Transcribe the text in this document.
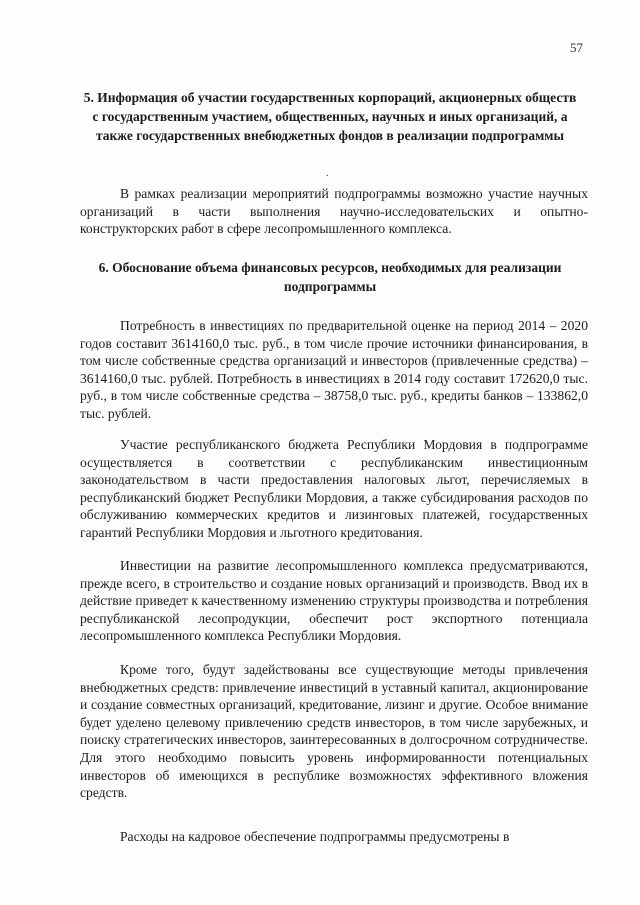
57
5. Информация об участии государственных корпораций, акционерных обществ с государственным участием, общественных, научных и иных организаций, а также государственных внебюджетных фондов в реализации подпрограммы
.

В рамках реализации мероприятий подпрограммы возможно участие научных организаций в части выполнения научно-исследовательских и опытно-конструкторских работ в сфере лесопромышленного комплекса.

6. Обоснование объема финансовых ресурсов, необходимых для реализации подпрограммы

Потребность в инвестициях по предварительной оценке на период 2014 – 2020 годов составит 3614160,0 тыс. руб., в том числе прочие источники финансирования, в том числе собственные средства организаций и инвесторов (привлеченные средства) – 3614160,0 тыс. рублей. Потребность в инвестициях в 2014 году составит 172620,0 тыс. руб., в том числе собственные средства – 38758,0 тыс. руб., кредиты банков – 133862,0 тыс. рублей.

Участие республиканского бюджета Республики Мордовия в подпрограмме осуществляется в соответствии с республиканским инвестиционным законодательством в части предоставления налоговых льгот, перечисляемых в республиканский бюджет Республики Мордовия, а также субсидирования расходов по обслуживанию коммерческих кредитов и лизинговых платежей, государственных гарантий Республики Мордовия и льготного кредитования.

Инвестиции на развитие лесопромышленного комплекса предусматриваются, прежде всего, в строительство и создание новых организаций и производств. Ввод их в действие приведет к качественному изменению структуры производства и потребления республиканской лесопродукции, обеспечит рост экспортного потенциала лесопромышленного комплекса Республики Мордовия.

Кроме того, будут задействованы все существующие методы привлечения внебюджетных средств: привлечение инвестиций в уставный капитал, акционирование и создание совместных организаций, кредитование, лизинг и другие. Особое внимание будет уделено целевому привлечению средств инвесторов, в том числе зарубежных, и поиску стратегических инвесторов, заинтересованных в долгосрочном сотрудничестве. Для этого необходимо повысить уровень информированности потенциальных инвесторов об имеющихся в республике возможностях эффективного вложения средств.

Расходы на кадровое обеспечение подпрограммы предусмотрены в
